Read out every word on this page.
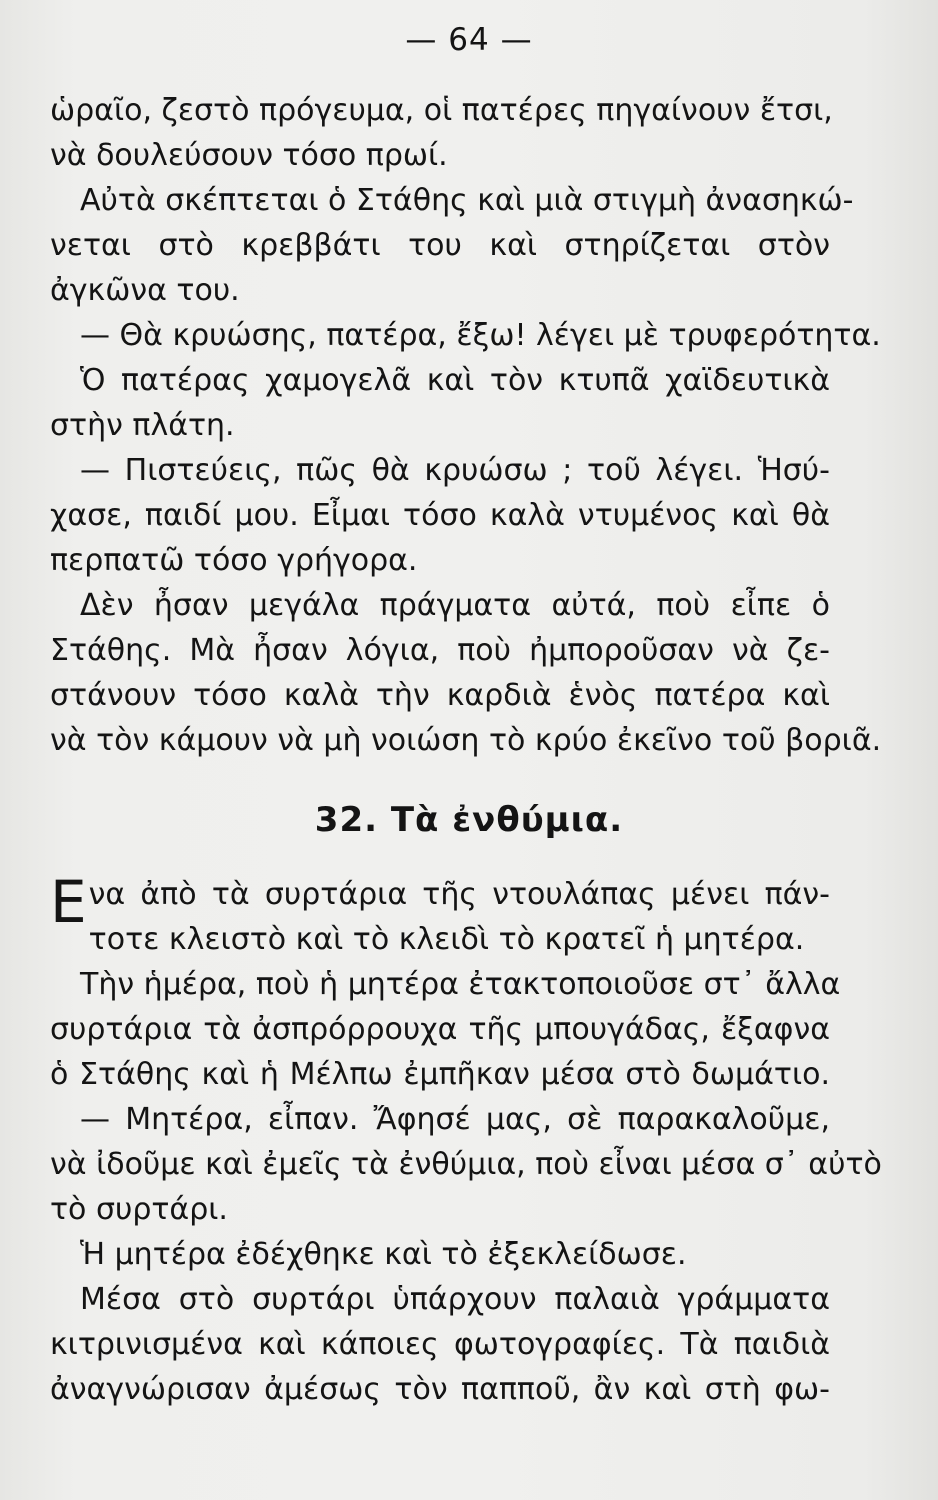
— 64 —
ὡραῖο, ζεστὸ πρόγευμα, οἱ πατέρες πηγαίνουν ἔτσι,
νὰ δουλεύσουν τόσο πρωί.
Αὐτὰ σκέπτεται ὁ Στάθης καὶ μιὰ στιγμὴ ἀνασηκώ-
νεται στὸ κρεββάτι του καὶ στηρίζεται στὸν
ἀγκῶνα του.
— Θὰ κρυώσης, πατέρα, ἔξω! λέγει μὲ τρυφερότητα.
Ὁ πατέρας χαμογελᾶ καὶ τὸν κτυπᾶ χαϊδευτικὰ
στὴν πλάτη.
— Πιστεύεις, πῶς θὰ κρυώσω ; τοῦ λέγει. Ἡσύ-
χασε, παιδί μου. Εἶμαι τόσο καλὰ ντυμένος καὶ θὰ
περπατῶ τόσο γρήγορα.
Δὲν ἦσαν μεγάλα πράγματα αὐτά, ποὺ εἶπε ὁ
Στάθης. Μὰ ἦσαν λόγια, ποὺ ἠμποροῦσαν νὰ ζε-
στάνουν τόσο καλὰ τὴν καρδιὰ ἑνὸς πατέρα καὶ
νὰ τὸν κάμουν νὰ μὴ νοιώση τὸ κρύο ἐκεῖνο τοῦ βοριᾶ.
32. Τὰ ἐνθύμια.
Ε να ἀπὸ τὰ συρτάρια τῆς ντουλάπας μένει πάν-
τοτε κλειστὸ καὶ τὸ κλειδὶ τὸ κρατεῖ ἡ μητέρα.
Τὴν ἡμέρα, ποὺ ἡ μητέρα ἐτακτοποιοῦσε στ᾽ ἄλλα
συρτάρια τὰ ἀσπρόρρουχα τῆς μπουγάδας, ἔξαφνα
ὁ Στάθης καὶ ἡ Μέλπω ἐμπῆκαν μέσα στὸ δωμάτιο.
— Μητέρα, εἶπαν. Ἄφησέ μας, σὲ παρακαλοῦμε,
νὰ ἰδοῦμε καὶ ἐμεῖς τὰ ἐνθύμια, ποὺ εἶναι μέσα σ᾽ αὐτὸ
τὸ συρτάρι.
Ἡ μητέρα ἐδέχθηκε καὶ τὸ ἐξεκλείδωσε.
Μέσα στὸ συρτάρι ὑπάρχουν παλαιὰ γράμματα
κιτρινισμένα καὶ κάποιες φωτογραφίες. Τὰ παιδιὰ
ἀναγνώρισαν ἀμέσως τὸν παπποῦ, ἂν καὶ στὴ φω-
